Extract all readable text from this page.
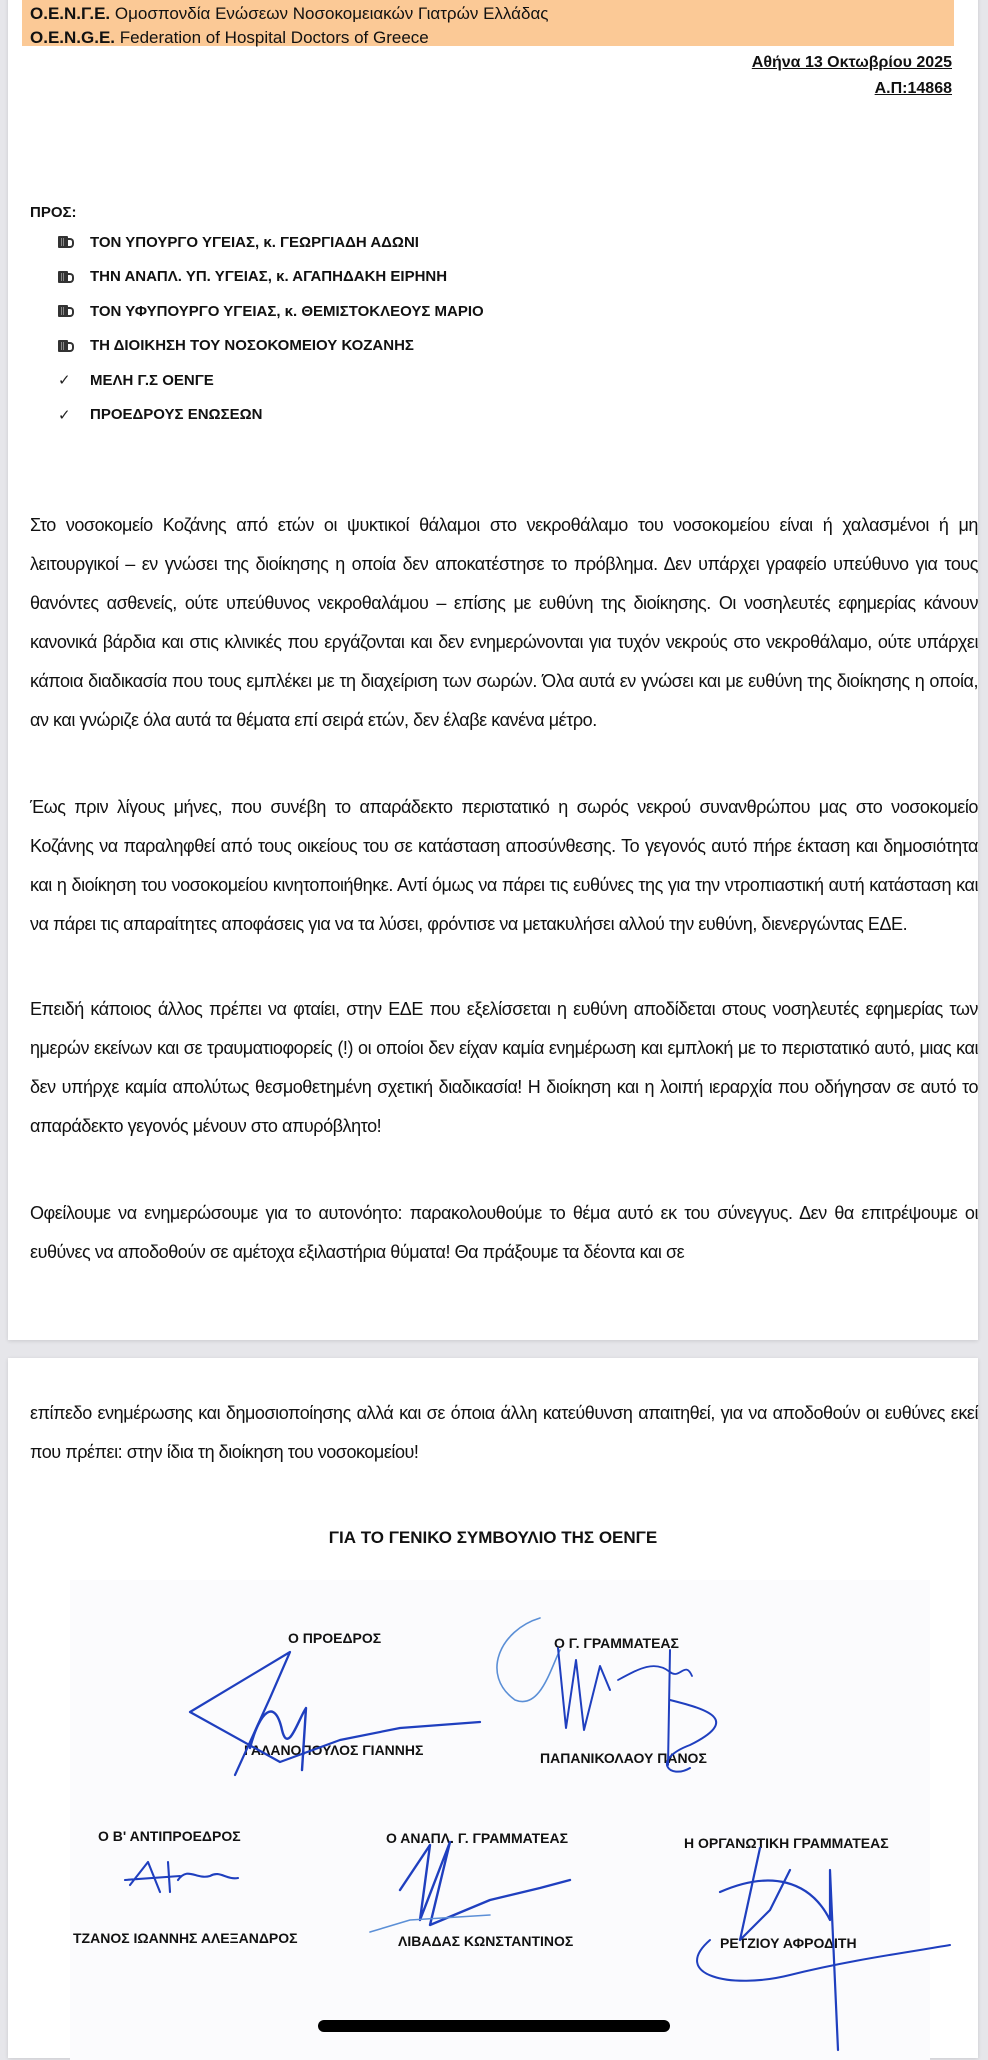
Ο.Ε.Ν.Γ.Ε. Ομοσπονδία Ενώσεων Νοσοκομειακών Γιατρών Ελλάδας
O.E.N.G.E. Federation of Hospital Doctors of Greece
Αθήνα 13 Οκτωβρίου 2025
Α.Π:14868
ΠΡΟΣ:
ΤΟΝ ΥΠΟΥΡΓΟ ΥΓΕΙΑΣ, κ. ΓΕΩΡΓΙΑΔΗ ΑΔΩΝΙ
ΤΗΝ ΑΝΑΠΛ. ΥΠ. ΥΓΕΙΑΣ, κ. ΑΓΑΠΗΔΑΚΗ ΕΙΡΗΝΗ
ΤΟΝ ΥΦΥΠΟΥΡΓΟ ΥΓΕΙΑΣ, κ. ΘΕΜΙΣΤΟΚΛΕΟΥΣ ΜΑΡΙΟ
ΤΗ ΔΙΟΙΚΗΣΗ ΤΟΥ ΝΟΣΟΚΟΜΕΙΟΥ ΚΟΖΑΝΗΣ
✓ ΜΕΛΗ Γ.Σ ΟΕΝΓΕ
✓ ΠΡΟΕΔΡΟΥΣ ΕΝΩΣΕΩΝ
Στο νοσοκομείο Κοζάνης από ετών οι ψυκτικοί θάλαμοι στο νεκροθάλαμο του νοσοκομείου είναι ή χαλασμένοι ή μη λειτουργικοί – εν γνώσει της διοίκησης η οποία δεν αποκατέστησε το πρόβλημα. Δεν υπάρχει γραφείο υπεύθυνο για τους θανόντες ασθενείς, ούτε υπεύθυνος νεκροθαλάμου – επίσης με ευθύνη της διοίκησης. Οι νοσηλευτές εφημερίας κάνουν κανονικά βάρδια και στις κλινικές που εργάζονται και δεν ενημερώνονται για τυχόν νεκρούς στο νεκροθάλαμο, ούτε υπάρχει κάποια διαδικασία που τους εμπλέκει με τη διαχείριση των σωρών. Όλα αυτά εν γνώσει και με ευθύνη της διοίκησης η οποία, αν και γνώριζε όλα αυτά τα θέματα επί σειρά ετών, δεν έλαβε κανένα μέτρο.
Έως πριν λίγους μήνες, που συνέβη το απαράδεκτο περιστατικό η σωρός νεκρού συνανθρώπου μας στο νοσοκομείο Κοζάνης να παραληφθεί από τους οικείους του σε κατάσταση αποσύνθεσης. Το γεγονός αυτό πήρε έκταση και δημοσιότητα και η διοίκηση του νοσοκομείου κινητοποιήθηκε. Αντί όμως να πάρει τις ευθύνες της για την ντροπιαστική αυτή κατάσταση και να πάρει τις απαραίτητες αποφάσεις για να τα λύσει, φρόντισε να μετακυλήσει αλλού την ευθύνη, διενεργώντας ΕΔΕ.
Επειδή κάποιος άλλος πρέπει να φταίει, στην ΕΔΕ που εξελίσσεται η ευθύνη αποδίδεται στους νοσηλευτές εφημερίας των ημερών εκείνων και σε τραυματιοφορείς (!) οι οποίοι δεν είχαν καμία ενημέρωση και εμπλοκή με το περιστατικό αυτό, μιας και δεν υπήρχε καμία απολύτως θεσμοθετημένη σχετική διαδικασία! Η διοίκηση και η λοιπή ιεραρχία που οδήγησαν σε αυτό το απαράδεκτο γεγονός μένουν στο απυρόβλητο!
Οφείλουμε να ενημερώσουμε για το αυτονόητο: παρακολουθούμε το θέμα αυτό εκ του σύνεγγυς. Δεν θα επιτρέψουμε οι ευθύνες να αποδοθούν σε αμέτοχα εξιλαστήρια θύματα! Θα πράξουμε τα δέοντα και σε
επίπεδο ενημέρωσης και δημοσιοποίησης αλλά και σε όποια άλλη κατεύθυνση απαιτηθεί, για να αποδοθούν οι ευθύνες εκεί που πρέπει: στην ίδια τη διοίκηση του νοσοκομείου!
ΓΙΑ ΤΟ ΓΕΝΙΚΟ ΣΥΜΒΟΥΛΙΟ ΤΗΣ ΟΕΝΓΕ
Ο ΠΡΟΕΔΡΟΣ
ΓΑΛΑΝΟΠΟΥΛΟΣ ΓΙΑΝΝΗΣ
Ο Γ. ΓΡΑΜΜΑΤΕΑΣ
ΠΑΠΑΝΙΚΟΛΑΟΥ ΠΑΝΟΣ
Ο Β' ΑΝΤΙΠΡΟΕΔΡΟΣ
ΤΖΑΝΟΣ ΙΩΑΝΝΗΣ ΑΛΕΞΑΝΔΡΟΣ
Ο ΑΝΑΠΛ. Γ. ΓΡΑΜΜΑΤΕΑΣ
ΛΙΒΑΔΑΣ ΚΩΝΣΤΑΝΤΙΝΟΣ
Η ΟΡΓΑΝΩΤΙΚΗ ΓΡΑΜΜΑΤΕΑΣ
ΡΕΤΖΙΟΥ ΑΦΡΟΔΙΤΗ
